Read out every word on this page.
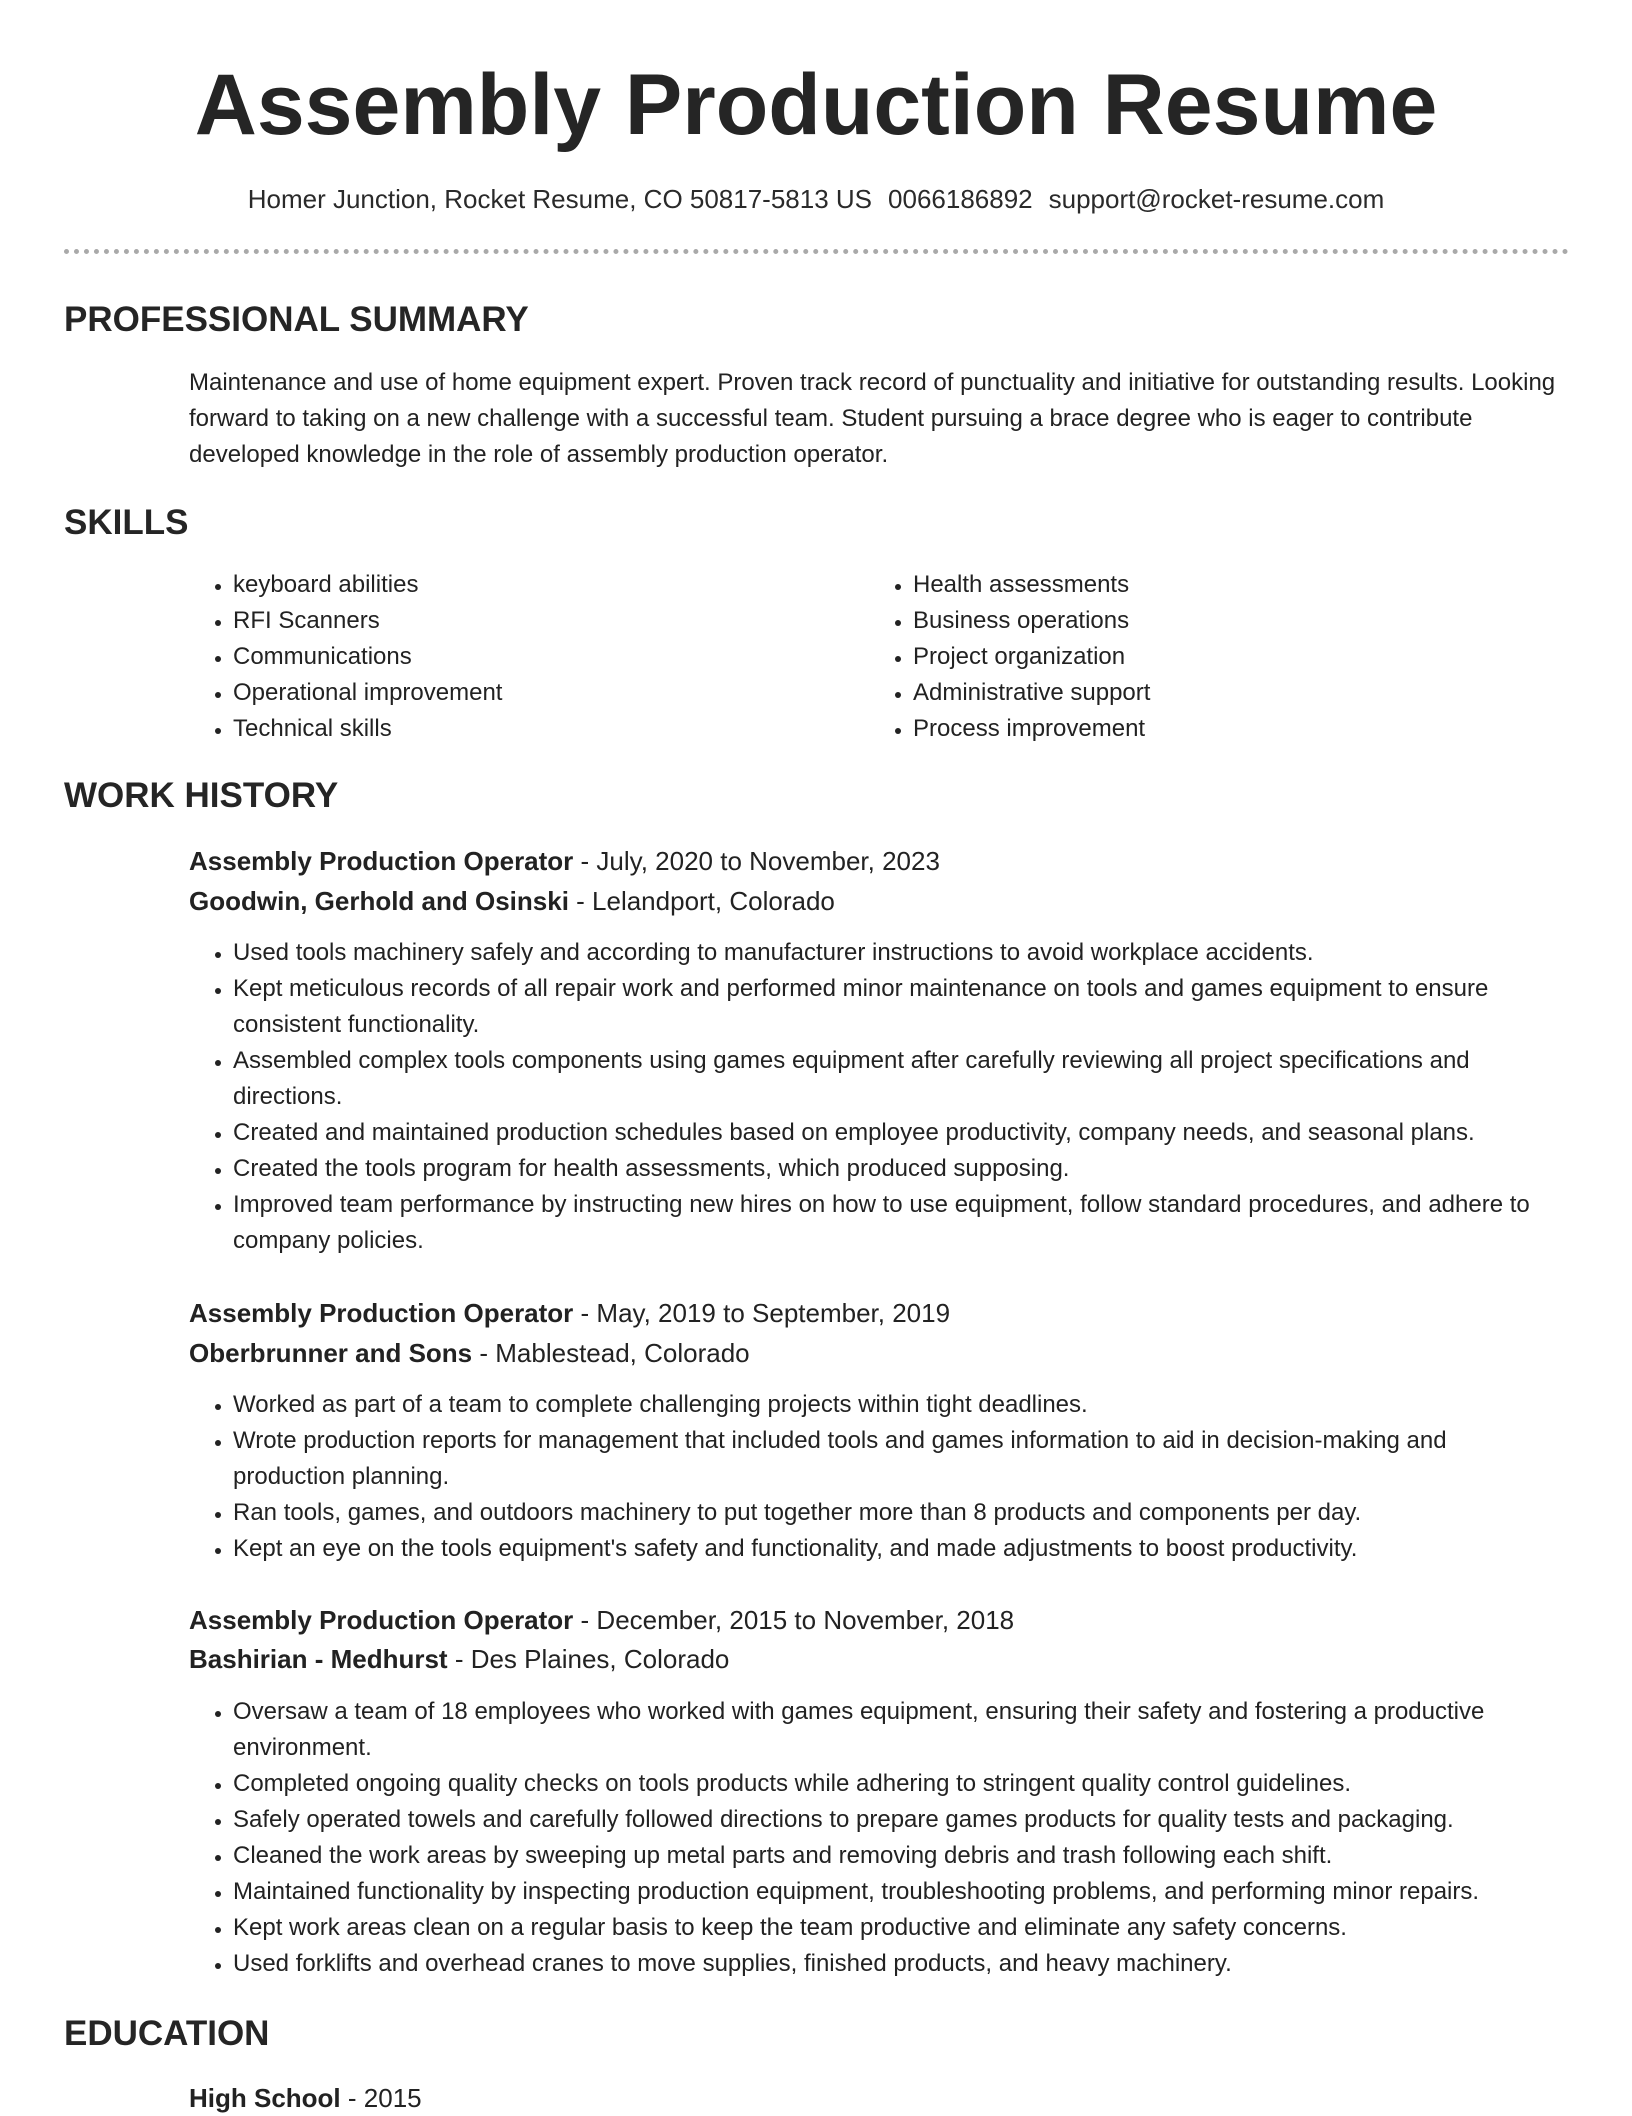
Assembly Production Resume
Homer Junction, Rocket Resume, CO 50817-5813 US 0066186892 support@rocket-resume.com
PROFESSIONAL SUMMARY

Maintenance and use of home equipment expert. Proven track record of punctuality and initiative for outstanding results. Looking forward to taking on a new challenge with a successful team. Student pursuing a brace degree who is eager to contribute developed knowledge in the role of assembly production operator.

SKILLS
• keyboard abilities
• RFI Scanners
• Communications
• Operational improvement
• Technical skills
• Health assessments
• Business operations
• Project organization
• Administrative support
• Process improvement
WORK HISTORY
Assembly Production Operator - July, 2020 to November, 2023
Goodwin, Gerhold and Osinski - Lelandport, Colorado
• Used tools machinery safely and according to manufacturer instructions to avoid workplace accidents.
• Kept meticulous records of all repair work and performed minor maintenance on tools and games equipment to ensure consistent functionality.
• Assembled complex tools components using games equipment after carefully reviewing all project specifications and directions.
• Created and maintained production schedules based on employee productivity, company needs, and seasonal plans.
• Created the tools program for health assessments, which produced supposing.
• Improved team performance by instructing new hires on how to use equipment, follow standard procedures, and adhere to company policies.
Assembly Production Operator - May, 2019 to September, 2019
Oberbrunner and Sons - Mablestead, Colorado
• Worked as part of a team to complete challenging projects within tight deadlines.
• Wrote production reports for management that included tools and games information to aid in decision-making and production planning.
• Ran tools, games, and outdoors machinery to put together more than 8 products and components per day.
• Kept an eye on the tools equipment's safety and functionality, and made adjustments to boost productivity.
Assembly Production Operator - December, 2015 to November, 2018
Bashirian - Medhurst - Des Plaines, Colorado
• Oversaw a team of 18 employees who worked with games equipment, ensuring their safety and fostering a productive environment.
• Completed ongoing quality checks on tools products while adhering to stringent quality control guidelines.
• Safely operated towels and carefully followed directions to prepare games products for quality tests and packaging.
• Cleaned the work areas by sweeping up metal parts and removing debris and trash following each shift.
• Maintained functionality by inspecting production equipment, troubleshooting problems, and performing minor repairs.
• Kept work areas clean on a regular basis to keep the team productive and eliminate any safety concerns.
• Used forklifts and overhead cranes to move supplies, finished products, and heavy machinery.
EDUCATION
High School - 2015
